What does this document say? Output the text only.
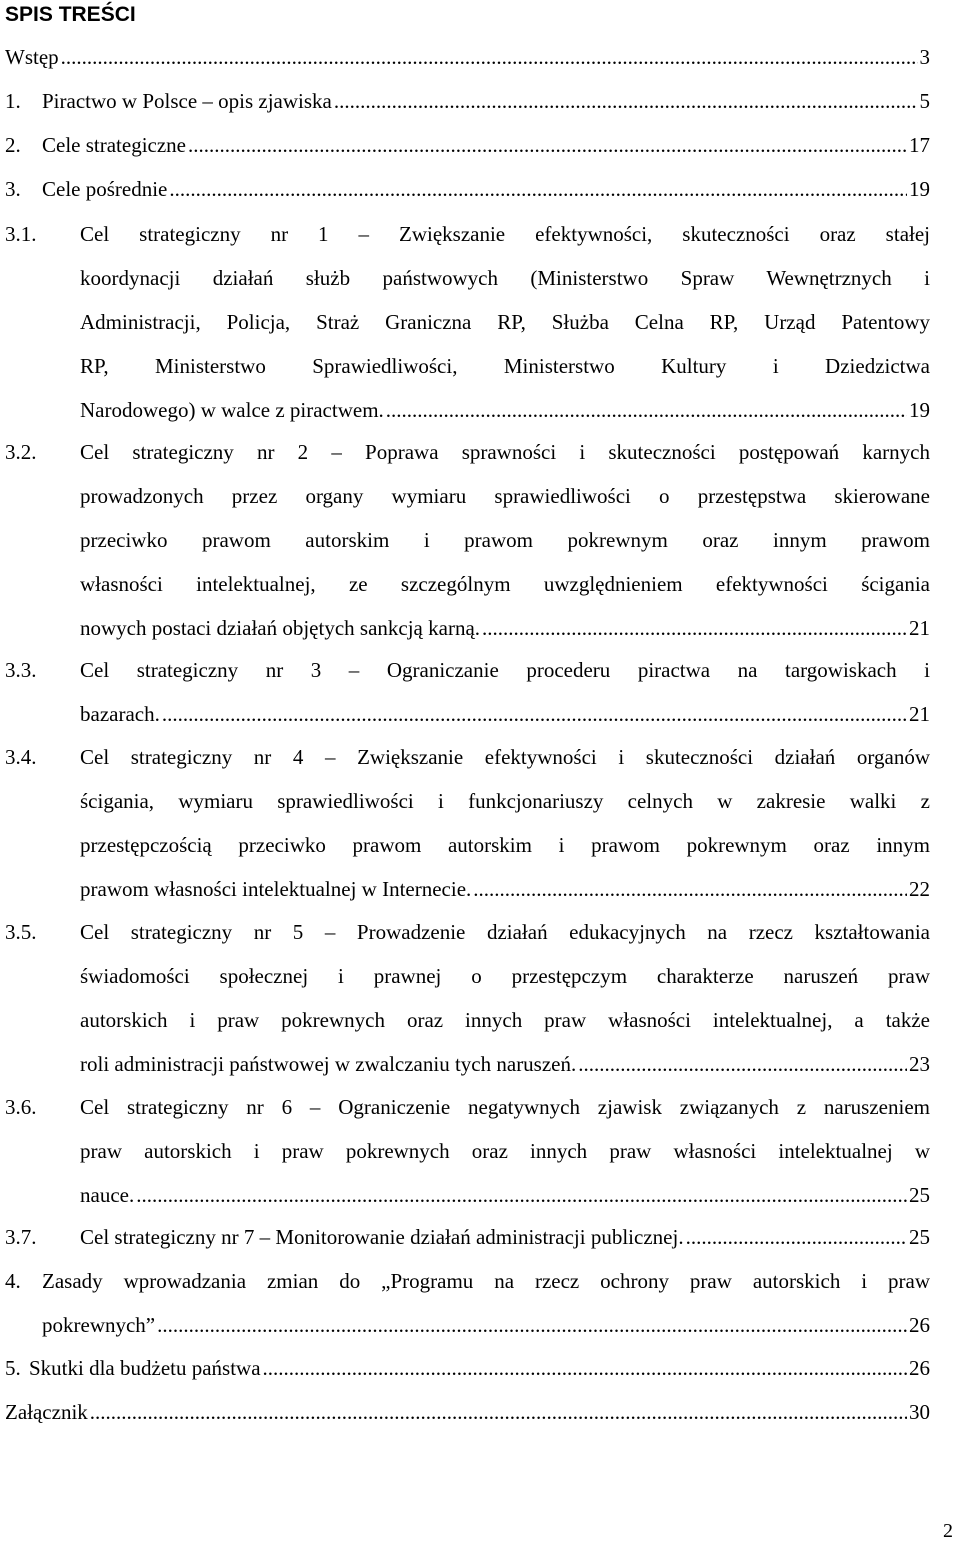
SPIS TREŚCI
Wstęp .....	3
1. Piractwo w Polsce – opis zjawiska .....	5
2. Cele strategiczne .....	17
3. Cele pośrednie .....	19
3.1. Cel strategiczny nr 1 – Zwiększanie efektywności, skuteczności oraz stałej
koordynacji działań służb państwowych (Ministerstwo Spraw Wewnętrznych i
Administracji, Policja, Straż Graniczna RP, Służba Celna RP, Urząd Patentowy
RP, Ministerstwo Sprawiedliwości, Ministerstwo Kultury i Dziedzictwa
Narodowego) w walce z piractwem. .....	19
3.2. Cel strategiczny nr 2 – Poprawa sprawności i skuteczności postępowań karnych
prowadzonych przez organy wymiaru sprawiedliwości o przestępstwa skierowane
przeciwko prawom autorskim i prawom pokrewnym oraz innym prawom
własności intelektualnej, ze szczególnym uwzględnieniem efektywności ścigania
nowych postaci działań objętych sankcją karną. .....	21
3.3. Cel strategiczny nr 3 – Ograniczanie procederu piractwa na targowiskach i
bazarach. .....	21
3.4. Cel strategiczny nr 4 – Zwiększanie efektywności i skuteczności działań organów
ścigania, wymiaru sprawiedliwości i funkcjonariuszy celnych w zakresie walki z
przestępczością przeciwko prawom autorskim i prawom pokrewnym oraz innym
prawom własności intelektualnej w Internecie. .....	22
3.5. Cel strategiczny nr 5 – Prowadzenie działań edukacyjnych na rzecz kształtowania
świadomości społecznej i prawnej o przestępczym charakterze naruszeń praw
autorskich i praw pokrewnych oraz innych praw własności intelektualnej, a także
roli administracji państwowej w zwalczaniu tych naruszeń. .....	23
3.6. Cel strategiczny nr 6 – Ograniczenie negatywnych zjawisk związanych z naruszeniem
praw autorskich i praw pokrewnych oraz innych praw własności intelektualnej w
nauce. .....	25
3.7. Cel strategiczny nr 7 – Monitorowanie działań administracji publicznej. .....	25
4. Zasady wprowadzania zmian do „Programu na rzecz ochrony praw autorskich i praw
pokrewnych” .....	26
5. Skutki dla budżetu państwa .....	26
Załącznik .....	30
2
